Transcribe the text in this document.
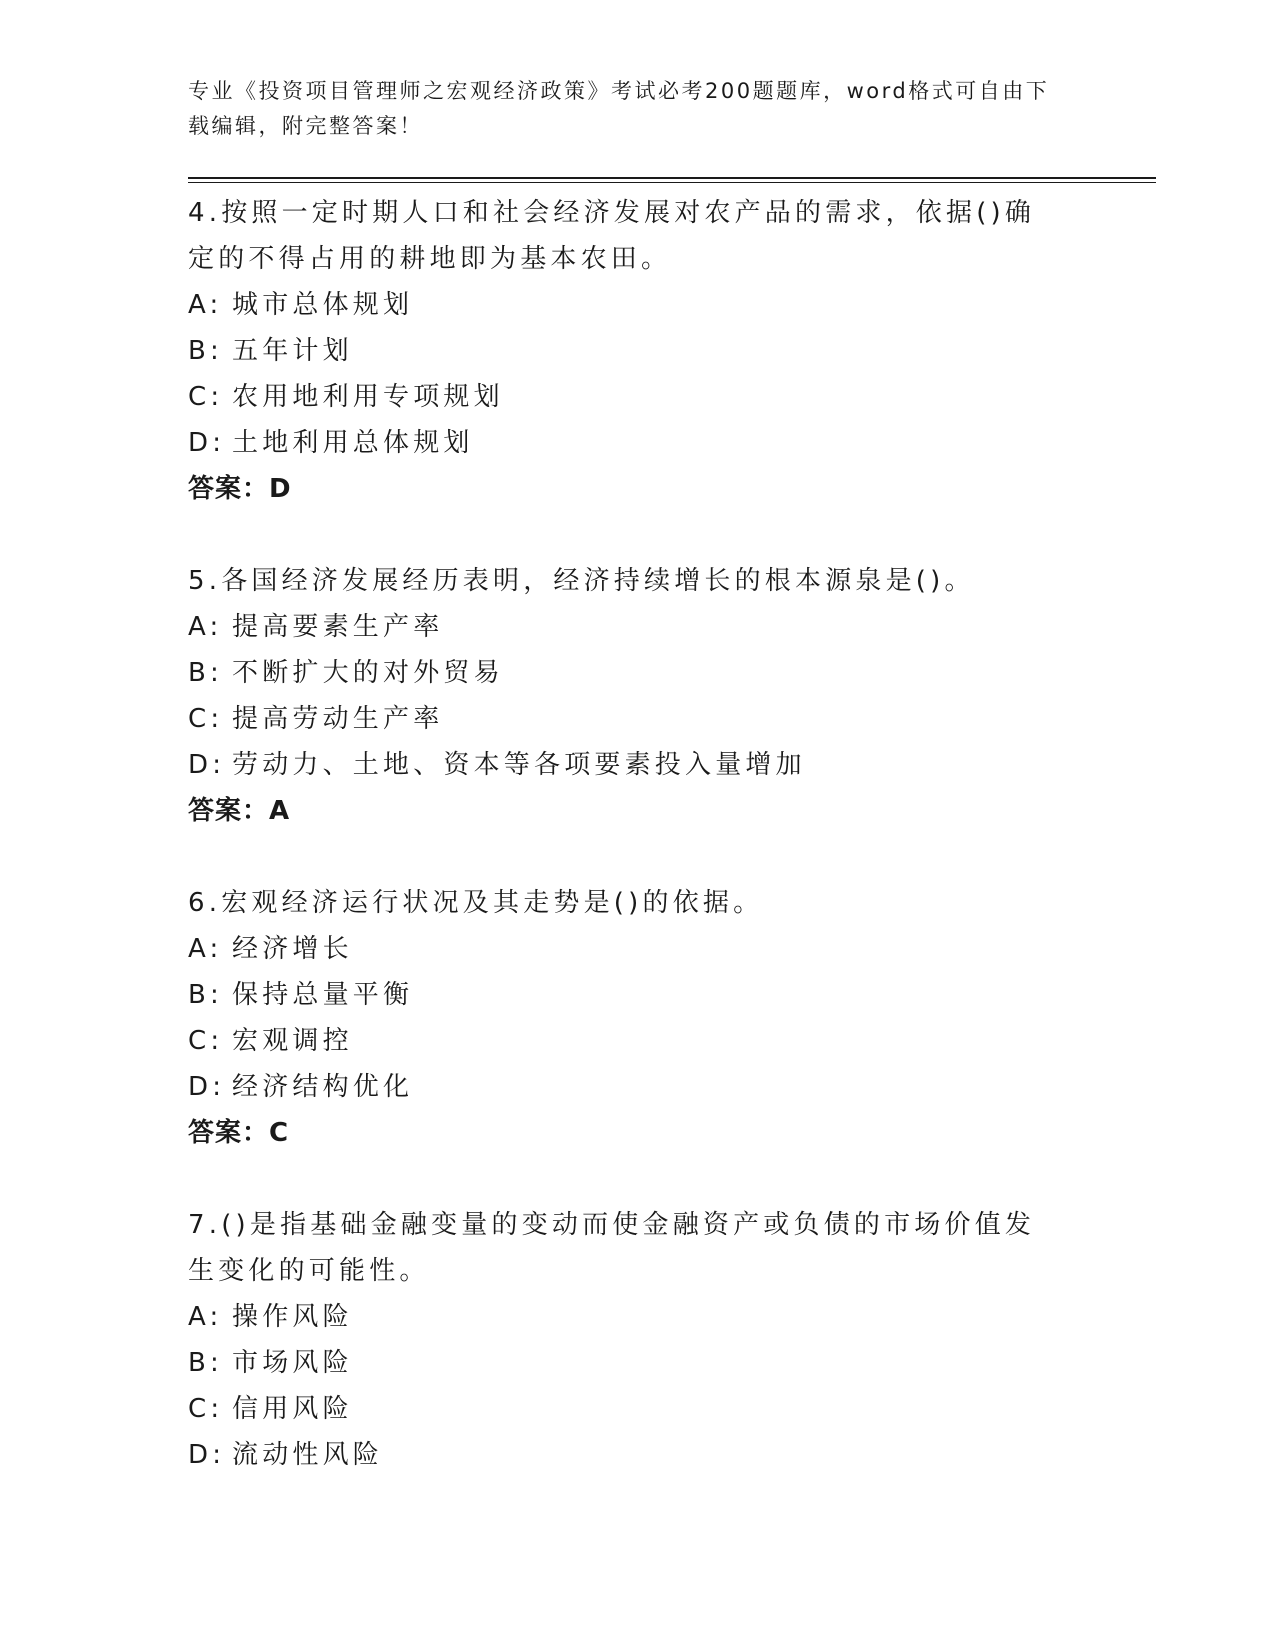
专业《投资项目管理师之宏观经济政策》考试必考200题题库，word格式可自由下载编辑，附完整答案！
4.按照一定时期人口和社会经济发展对农产品的需求，依据()确定的不得占用的耕地即为基本农田。
A: 城市总体规划
B: 五年计划
C: 农用地利用专项规划
D: 土地利用总体规划
答案：D
5.各国经济发展经历表明，经济持续增长的根本源泉是()。
A: 提高要素生产率
B: 不断扩大的对外贸易
C: 提高劳动生产率
D: 劳动力、土地、资本等各项要素投入量增加
答案：A
6.宏观经济运行状况及其走势是()的依据。
A: 经济增长
B: 保持总量平衡
C: 宏观调控
D: 经济结构优化
答案：C
7.()是指基础金融变量的变动而使金融资产或负债的市场价值发生变化的可能性。
A: 操作风险
B: 市场风险
C: 信用风险
D: 流动性风险
